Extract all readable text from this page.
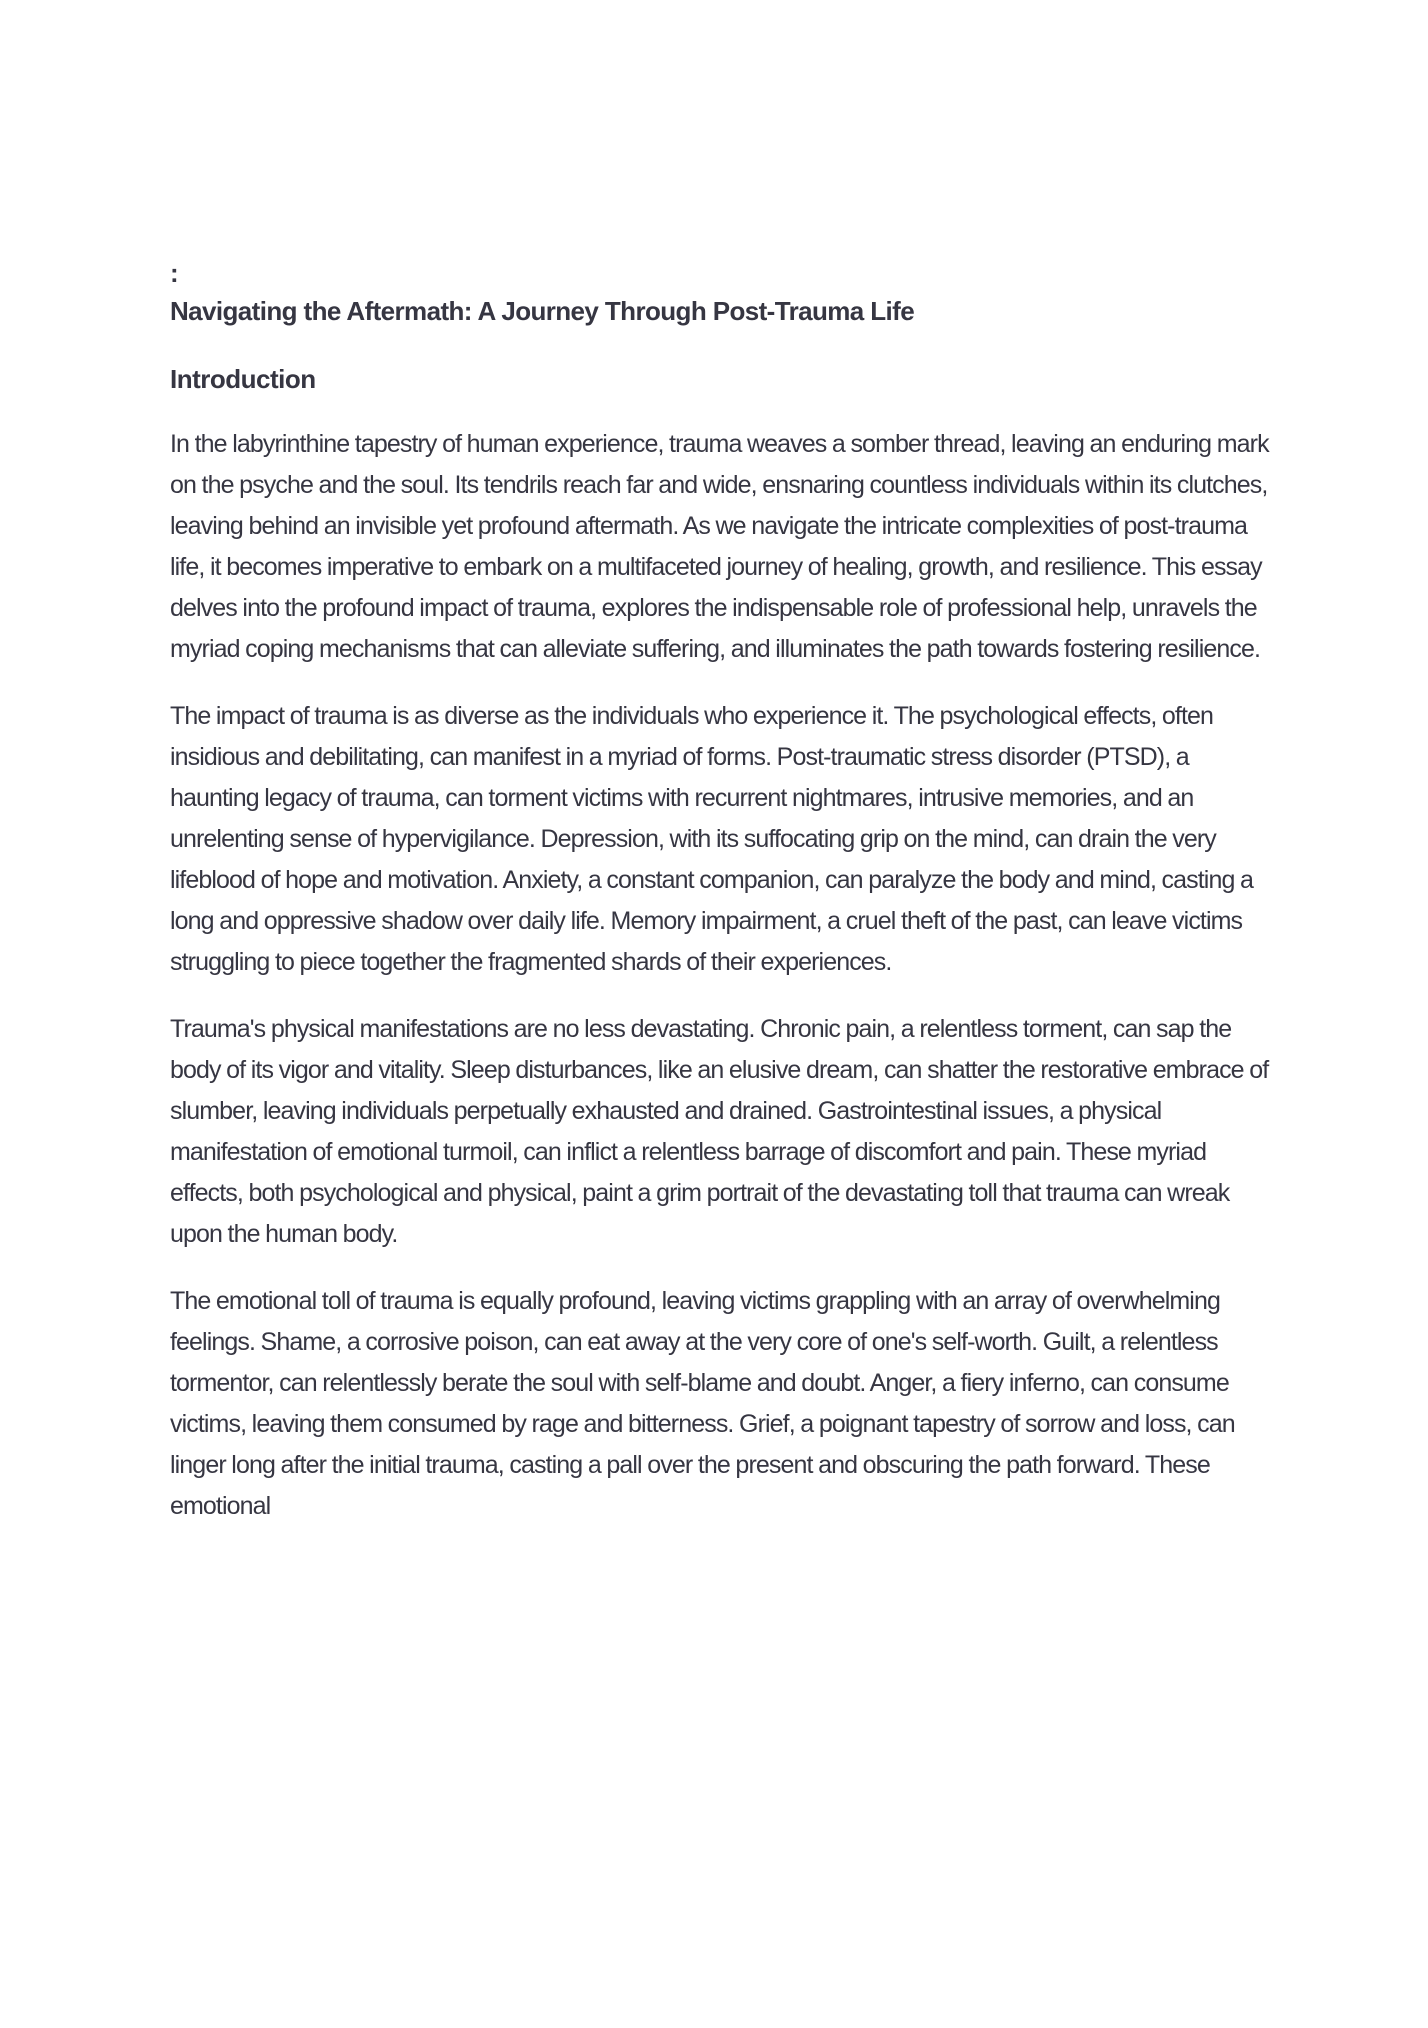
:

Navigating the Aftermath: A Journey Through Post-Trauma Life
Introduction

In the labyrinthine tapestry of human experience, trauma weaves a somber thread, leaving an enduring mark on the psyche and the soul. Its tendrils reach far and wide, ensnaring countless individuals within its clutches, leaving behind an invisible yet profound aftermath. As we navigate the intricate complexities of post-trauma life, it becomes imperative to embark on a multifaceted journey of healing, growth, and resilience. This essay delves into the profound impact of trauma, explores the indispensable role of professional help, unravels the myriad coping mechanisms that can alleviate suffering, and illuminates the path towards fostering resilience.

The impact of trauma is as diverse as the individuals who experience it. The psychological effects, often insidious and debilitating, can manifest in a myriad of forms. Post-traumatic stress disorder (PTSD), a haunting legacy of trauma, can torment victims with recurrent nightmares, intrusive memories, and an unrelenting sense of hypervigilance. Depression, with its suffocating grip on the mind, can drain the very lifeblood of hope and motivation. Anxiety, a constant companion, can paralyze the body and mind, casting a long and oppressive shadow over daily life. Memory impairment, a cruel theft of the past, can leave victims struggling to piece together the fragmented shards of their experiences.

Trauma's physical manifestations are no less devastating. Chronic pain, a relentless torment, can sap the body of its vigor and vitality. Sleep disturbances, like an elusive dream, can shatter the restorative embrace of slumber, leaving individuals perpetually exhausted and drained. Gastrointestinal issues, a physical manifestation of emotional turmoil, can inflict a relentless barrage of discomfort and pain. These myriad effects, both psychological and physical, paint a grim portrait of the devastating toll that trauma can wreak upon the human body.

The emotional toll of trauma is equally profound, leaving victims grappling with an array of overwhelming feelings. Shame, a corrosive poison, can eat away at the very core of one's self-worth. Guilt, a relentless tormentor, can relentlessly berate the soul with self-blame and doubt. Anger, a fiery inferno, can consume victims, leaving them consumed by rage and bitterness. Grief, a poignant tapestry of sorrow and loss, can linger long after the initial trauma, casting a pall over the present and obscuring the path forward. These emotional
